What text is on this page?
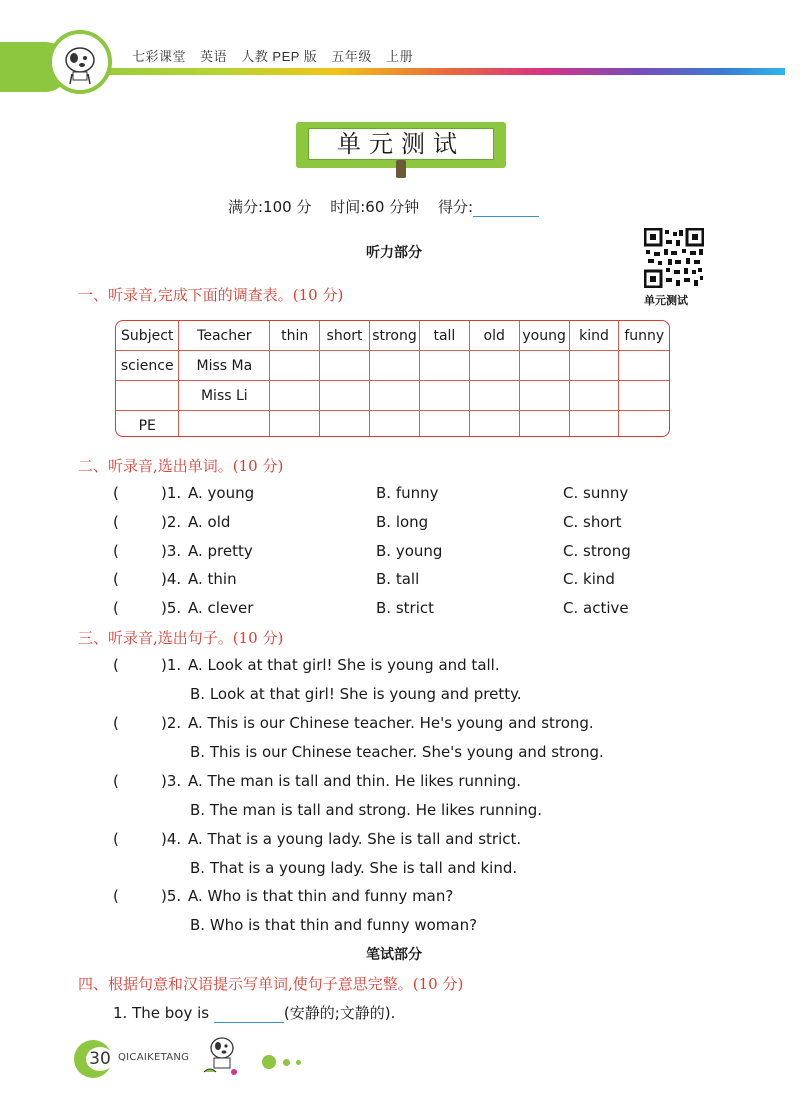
七彩课堂 英语 人教 PEP 版 五年级 上册
单元测试
满分:100 分 时间:60 分钟 得分:
听力部分
单元测试
一、听录音,完成下面的调查表。(10 分)
Subject	Teacher	thin	short	strong	tall	old	young	kind	funny
science	Miss Ma								
	Miss Li								
PE									
二、听录音,选出单词。(10 分)
(	)1. A. young	B. funny	C. sunny
(	)2. A. old	B. long	C. short
(	)3. A. pretty	B. young	C. strong
(	)4. A. thin	B. tall	C. kind
(	)5. A. clever	B. strict	C. active
三、听录音,选出句子。(10 分)
(	)1. A. Look at that girl! She is young and tall.
B. Look at that girl! She is young and pretty.
(	)2. A. This is our Chinese teacher. He's young and strong.
B. This is our Chinese teacher. She's young and strong.
(	)3. A. The man is tall and thin. He likes running.
B. The man is tall and strong. He likes running.
(	)4. A. That is a young lady. She is tall and strict.
B. That is a young lady. She is tall and kind.
(	)5. A. Who is that thin and funny man?
B. Who is that thin and funny woman?
笔试部分
四、根据句意和汉语提示写单词,使句子意思完整。(10 分)
1. The boy is	(安静的;文静的).
30 QICAIKETANG
